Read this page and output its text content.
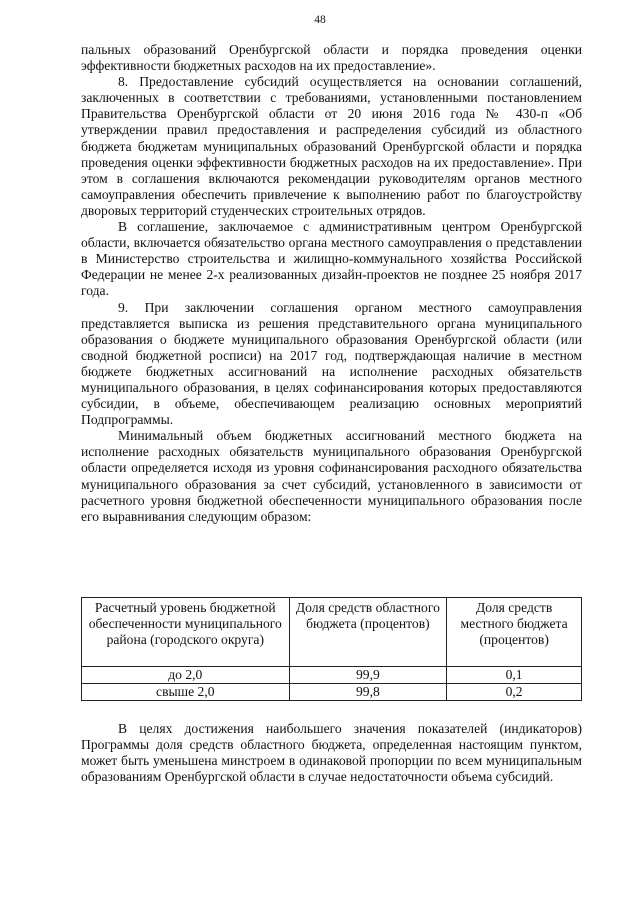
48

пальных образований Оренбургской области и порядка проведения оценки эффективности бюджетных расходов на их предоставление».

8. Предоставление субсидий осуществляется на основании соглашений, заключенных в соответствии с требованиями, установленными постановлением Правительства Оренбургской области от 20 июня 2016 года № 430-п «Об утверждении правил предоставления и распределения субсидий из областного бюджета бюджетам муниципальных образований Оренбургской области и порядка проведения оценки эффективности бюджетных расходов на их предоставление». При этом в соглашения включаются рекомендации руководителям органов местного самоуправления обеспечить привлечение к выполнению работ по благоустройству дворовых территорий студенческих строительных отрядов.

В соглашение, заключаемое с административным центром Оренбургской области, включается обязательство органа местного самоуправления о представлении в Министерство строительства и жилищно-коммунального хозяйства Российской Федерации не менее 2-х реализованных дизайн-проектов не позднее 25 ноября 2017 года.

9. При заключении соглашения органом местного самоуправления представляется выписка из решения представительного органа муниципального образования о бюджете муниципального образования Оренбургской области (или сводной бюджетной росписи) на 2017 год, подтверждающая наличие в местном бюджете бюджетных ассигнований на исполнение расходных обязательств муниципального образования, в целях софинансирования которых предоставляются субсидии, в объеме, обеспечивающем реализацию основных мероприятий Подпрограммы.

Минимальный объем бюджетных ассигнований местного бюджета на исполнение расходных обязательств муниципального образования Оренбургской области определяется исходя из уровня софинансирования расходного обязательства муниципального образования за счет субсидий, установленного в зависимости от расчетного уровня бюджетной обеспеченности муниципального образования после его выравнивания следующим образом:

Расчетный уровень бюджетной обеспеченности муниципального района (городского округа)	Доля средств областного бюджета (процентов)	Доля средств местного бюджета (процентов)
до 2,0	99,9	0,1
свыше 2,0	99,8	0,2

В целях достижения наибольшего значения показателей (индикаторов) Программы доля средств областного бюджета, определенная настоящим пунктом, может быть уменьшена минстроем в одинаковой пропорции по всем муниципальным образованиям Оренбургской области в случае недостаточности объема субсидий.
